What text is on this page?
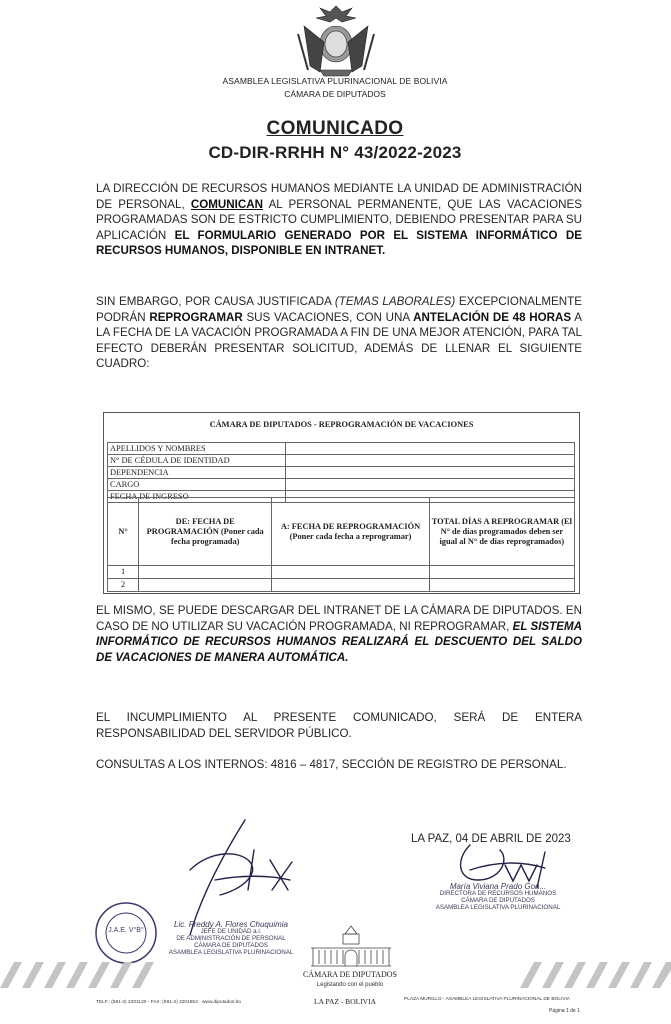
ASAMBLEA LEGISLATIVA PLURINACIONAL DE BOLIVIA
CÁMARA DE DIPUTADOS
COMUNICADO
CD-DIR-RRHH N° 43/2022-2023
LA DIRECCIÓN DE RECURSOS HUMANOS MEDIANTE LA UNIDAD DE ADMINISTRACIÓN DE PERSONAL, COMUNICAN AL PERSONAL PERMANENTE, QUE LAS VACACIONES PROGRAMADAS SON DE ESTRICTO CUMPLIMIENTO, DEBIENDO PRESENTAR PARA SU APLICACIÓN EL FORMULARIO GENERADO POR EL SISTEMA INFORMÁTICO DE RECURSOS HUMANOS, DISPONIBLE EN INTRANET.
SIN EMBARGO, POR CAUSA JUSTIFICADA (TEMAS LABORALES) EXCEPCIONALMENTE PODRÁN REPROGRAMAR SUS VACACIONES, CON UNA ANTELACIÓN DE 48 HORAS A LA FECHA DE LA VACACIÓN PROGRAMADA A FIN DE UNA MEJOR ATENCIÓN, PARA TAL EFECTO DEBERÁN PRESENTAR SOLICITUD, ADEMÁS DE LLENAR EL SIGUIENTE CUADRO:
CÁMARA DE DIPUTADOS - REPROGRAMACIÓN DE VACACIONES
APELLIDOS Y NOMBRES	
N° DE CÉDULA DE IDENTIDAD	
DEPENDENCIA	
CARGO	
FECHA DE INGRESO	
N°	DE: FECHA DE PROGRAMACIÓN (Poner cada fecha programada)	A: FECHA DE REPROGRAMACIÓN (Poner cada fecha a reprogramar)	TOTAL DÍAS A REPROGRAMAR (El N° de días programados deben ser igual al N° de días reprogramados)
1			
2			
EL MISMO, SE PUEDE DESCARGAR DEL INTRANET DE LA CÁMARA DE DIPUTADOS. EN CASO DE NO UTILIZAR SU VACACIÓN PROGRAMADA, NI REPROGRAMAR, EL SISTEMA INFORMÁTICO DE RECURSOS HUMANOS REALIZARÁ EL DESCUENTO DEL SALDO DE VACACIONES DE MANERA AUTOMÁTICA.
EL INCUMPLIMIENTO AL PRESENTE COMUNICADO, SERÁ DE ENTERA RESPONSABILIDAD DEL SERVIDOR PÚBLICO.
CONSULTAS A LOS INTERNOS: 4816 – 4817, SECCIÓN DE REGISTRO DE PERSONAL.
LA PAZ, 04 DE ABRIL DE 2023
J.A.E. V°B°
Lic. Freddy A. Flores Chuquimia
JEFE DE UNIDAD a.i.
DE ADMINISTRACIÓN DE PERSONAL
CÁMARA DE DIPUTADOS
ASAMBLEA LEGISLATIVA PLURINACIONAL
María Viviana Prado Gon...
DIRECTORA DE RECURSOS HUMANOS
CÁMARA DE DIPUTADOS
ASAMBLEA LEGISLATIVA PLURINACIONAL
CÁMARA DE DIPUTADOS
Legislando con el pueblo
TELF.: (591-2) 2201120 - FAX: (591-2) 2201853 - www.diputados.bo	LA PAZ - BOLIVIA	PLAZA MURILLO - ASAMBLEA LEGISLATIVA PLURINACIONAL DE BOLIVIA
Página 1 de 1
